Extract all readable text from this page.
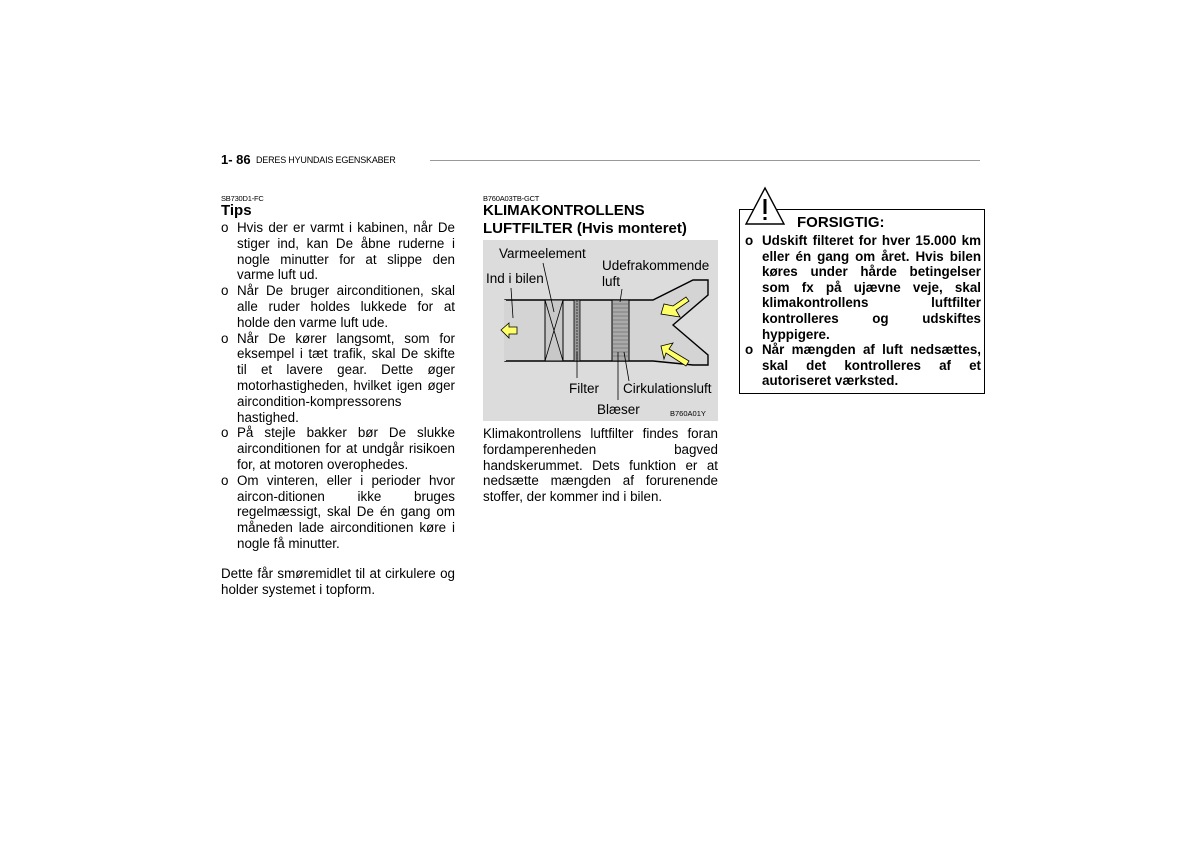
1- 86 DERES HYUNDAIS EGENSKABER
SB730D1-FC
Tips
o Hvis der er varmt i kabinen, når De stiger ind, kan De åbne ruderne i nogle minutter for at slippe den varme luft ud.
o Når De bruger airconditionen, skal alle ruder holdes lukkede for at holde den varme luft ude.
o Når De kører langsomt, som for eksempel i tæt trafik, skal De skifte til et lavere gear. Dette øger motorhastigheden, hvilket igen øger aircondition-kompressorens hastighed.
o På stejle bakker bør De slukke airconditionen for at undgår risikoen for, at motoren overophedes.
o Om vinteren, eller i perioder hvor aircon-ditionen ikke bruges regelmæssigt, skal De én gang om måneden lade airconditionen køre i nogle få minutter.
Dette får smøremidlet til at cirkulere og holder systemet i topform.
B760A03TB-GCT
KLIMAKONTROLLENS
LUFTFILTER (Hvis monteret)
Varmeelement
Ind i bilen
Udefrakommende
luft
Filter Cirkulationsluft
Blæser	B760A01Y
Klimakontrollens luftfilter findes foran fordamperenheden bagved handskerummet. Dets funktion er at nedsætte mængden af forurenende stoffer, der kommer ind i bilen.
FORSIGTIG:
o Udskift filteret for hver 15.000 km eller én gang om året. Hvis bilen køres under hårde betingelser som fx på ujævne veje, skal klimakontrollens luftfilter kontrolleres og udskiftes hyppigere.
o Når mængden af luft nedsættes, skal det kontrolleres af et autoriseret værksted.
